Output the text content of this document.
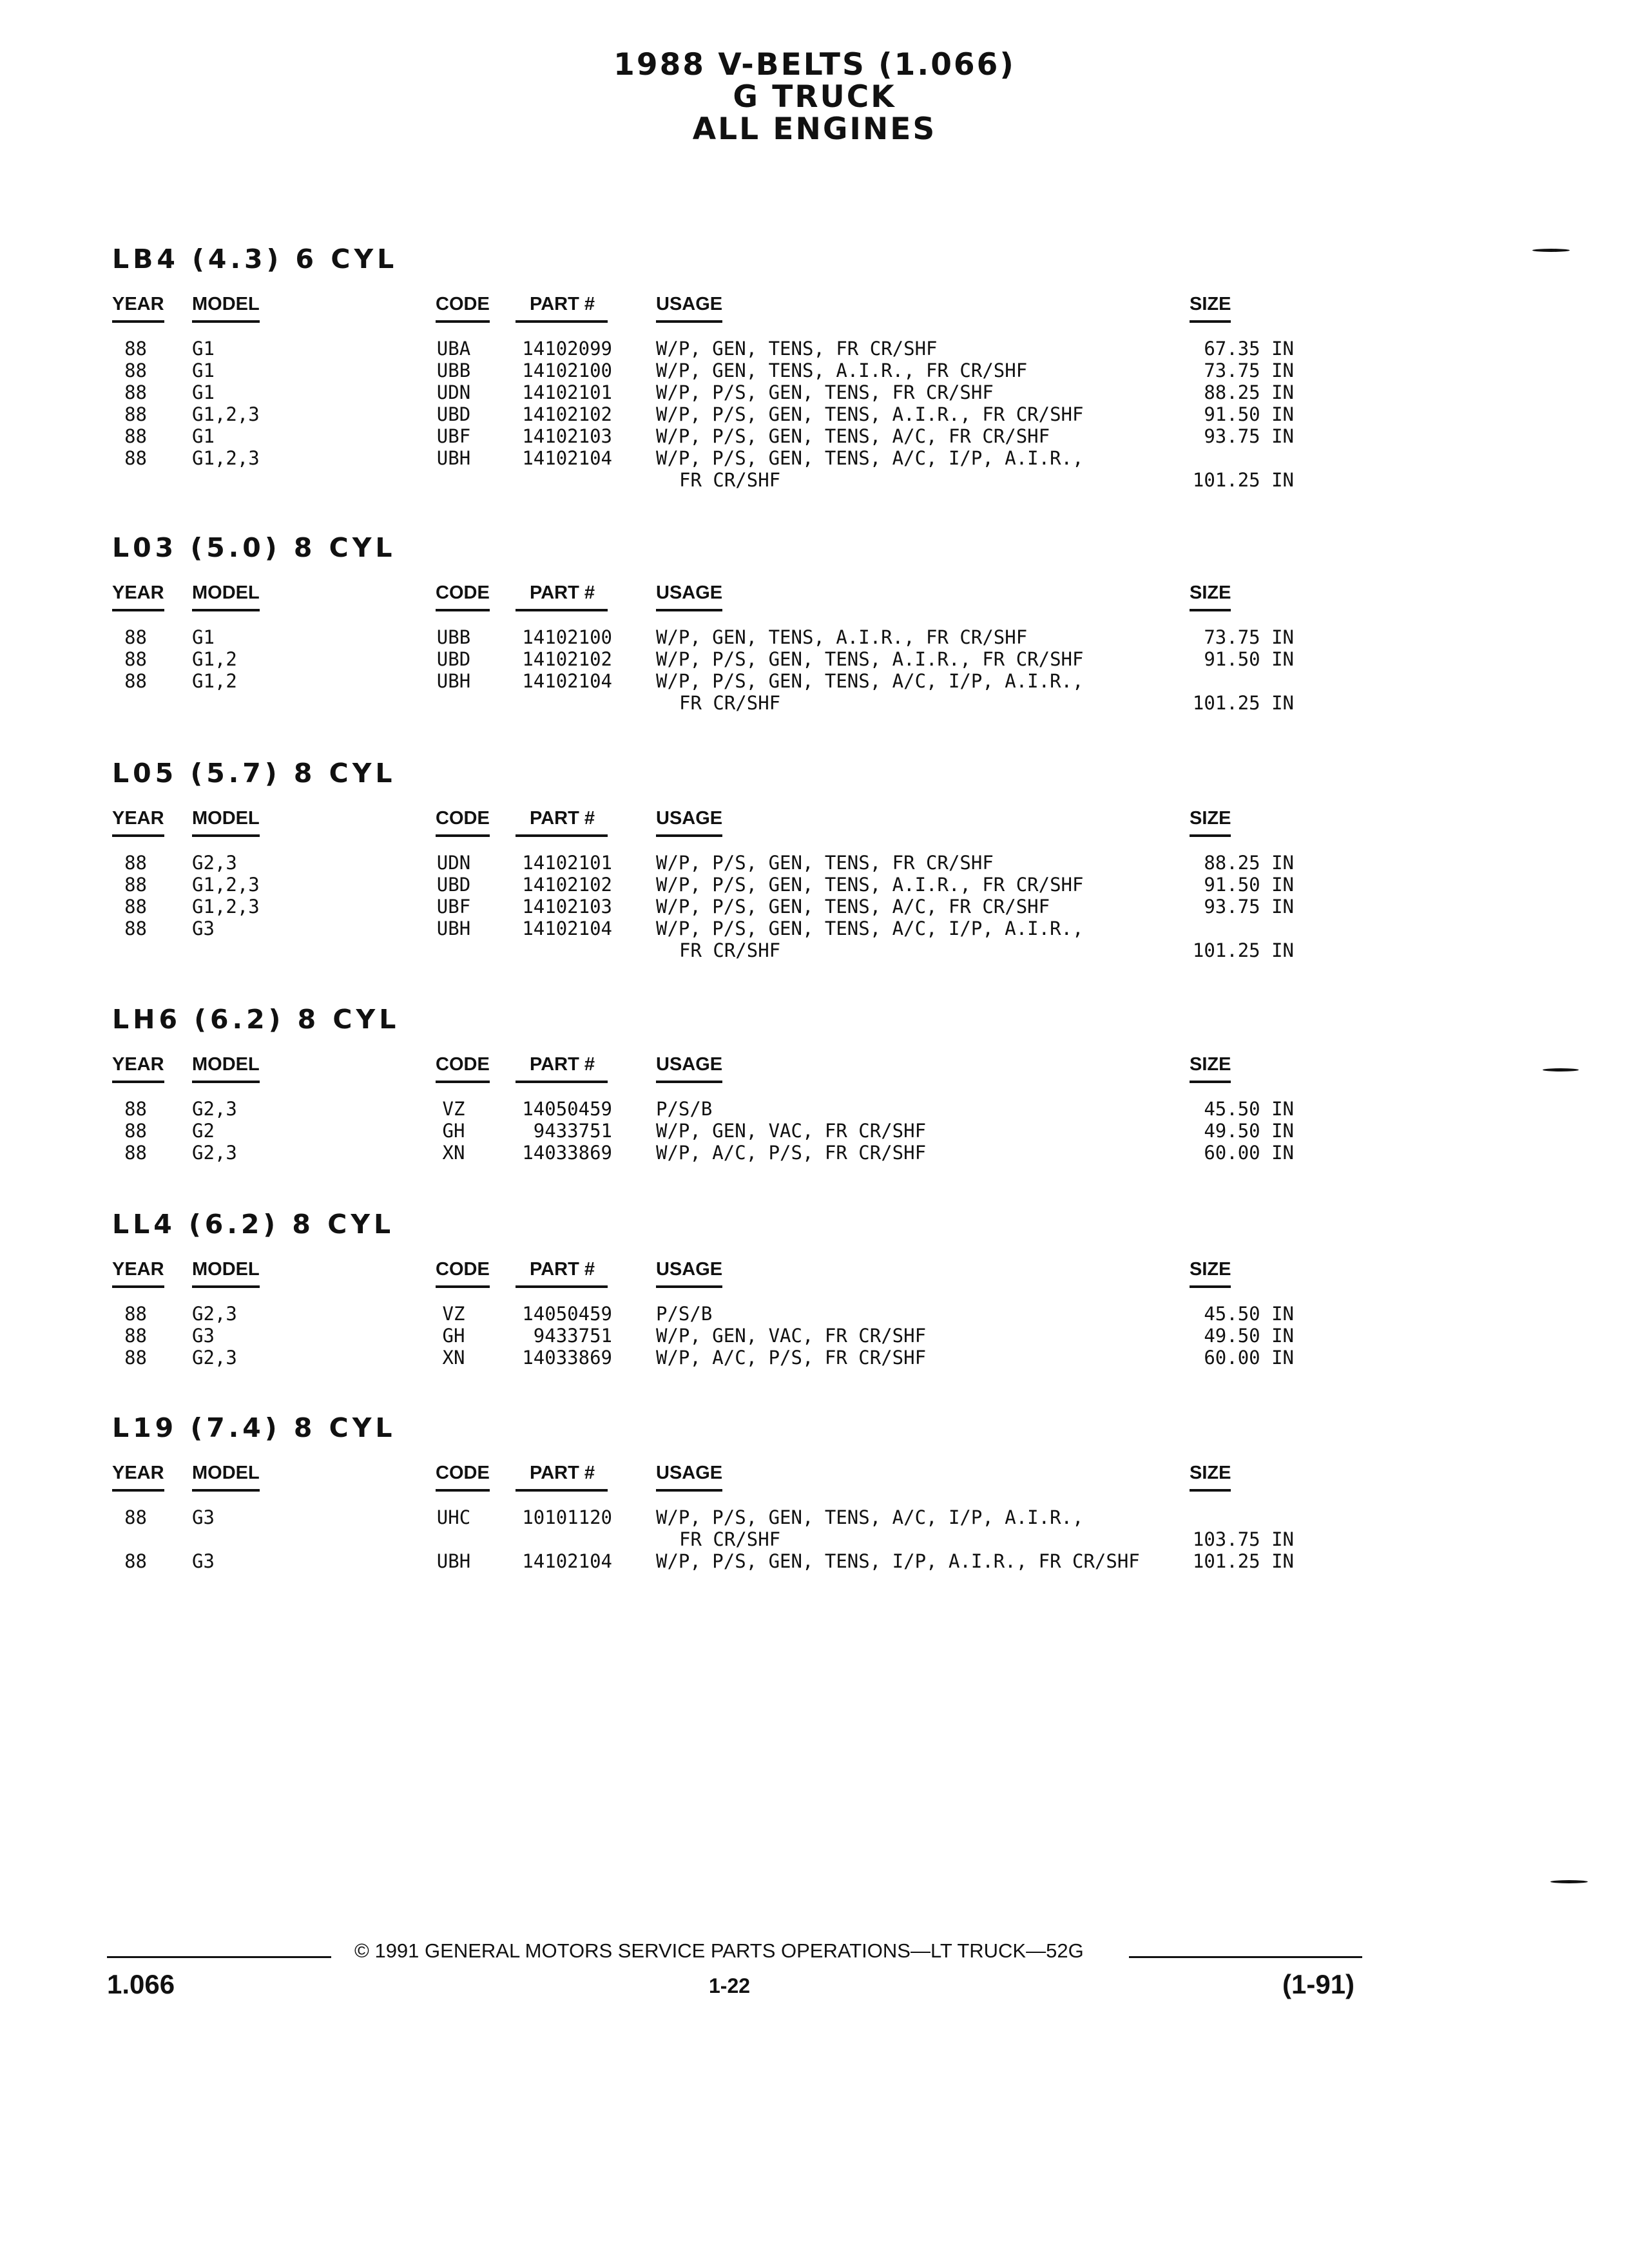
1988 V-BELTS (1.066)
G TRUCK
ALL ENGINES
LB4 (4.3) 6 CYL
YEAR MODEL	CODE	PART #	USAGE	SIZE
88 G1	UBA	14102099 W/P, GEN, TENS, FR CR/SHF	67.35 IN
88 G1	UBB	14102100 W/P, GEN, TENS, A.I.R., FR CR/SHF	73.75 IN
88 G1	UDN	14102101 W/P, P/S, GEN, TENS, FR CR/SHF	88.25 IN
88 G1,2,3	UBD	14102102 W/P, P/S, GEN, TENS, A.I.R., FR CR/SHF	91.50 IN
88 G1	UBF	14102103 W/P, P/S, GEN, TENS, A/C, FR CR/SHF	93.75 IN
88 G1,2,3	UBH	14102104 W/P, P/S, GEN, TENS, A/C, I/P, A.I.R.,
FR CR/SHF	101.25 IN
L03 (5.0) 8 CYL
YEAR MODEL	CODE	PART #	USAGE	SIZE
88 G1	UBB	14102100 W/P, GEN, TENS, A.I.R., FR CR/SHF	73.75 IN
88 G1,2	UBD	14102102 W/P, P/S, GEN, TENS, A.I.R., FR CR/SHF	91.50 IN
88 G1,2	UBH	14102104 W/P, P/S, GEN, TENS, A/C, I/P, A.I.R.,
FR CR/SHF	101.25 IN
L05 (5.7) 8 CYL
YEAR MODEL	CODE	PART #	USAGE	SIZE
88 G2,3	UDN	14102101 W/P, P/S, GEN, TENS, FR CR/SHF	88.25 IN
88 G1,2,3	UBD	14102102 W/P, P/S, GEN, TENS, A.I.R., FR CR/SHF	91.50 IN
88 G1,2,3	UBF	14102103 W/P, P/S, GEN, TENS, A/C, FR CR/SHF	93.75 IN
88 G3	UBH	14102104 W/P, P/S, GEN, TENS, A/C, I/P, A.I.R.,
FR CR/SHF	101.25 IN
LH6 (6.2) 8 CYL
YEAR MODEL	CODE	PART #	USAGE	SIZE
88 G2,3	VZ	14050459 P/S/B	45.50 IN
88 G2	GH	9433751 W/P, GEN, VAC, FR CR/SHF	49.50 IN
88 G2,3	XN	14033869 W/P, A/C, P/S, FR CR/SHF	60.00 IN
LL4 (6.2) 8 CYL
YEAR MODEL	CODE	PART #	USAGE	SIZE
88 G2,3	VZ	14050459 P/S/B	45.50 IN
88 G3	GH	9433751 W/P, GEN, VAC, FR CR/SHF	49.50 IN
88 G2,3	XN	14033869 W/P, A/C, P/S, FR CR/SHF	60.00 IN
L19 (7.4) 8 CYL
YEAR MODEL	CODE	PART #	USAGE	SIZE
88 G3	UHC	10101120 W/P, P/S, GEN, TENS, A/C, I/P, A.I.R.,
FR CR/SHF	103.75 IN
88 G3	UBH	14102104 W/P, P/S, GEN, TENS, I/P, A.I.R., FR CR/SHF	101.25 IN
© 1991 GENERAL MOTORS SERVICE PARTS OPERATIONS—LT TRUCK—52G
1.066	1-22	(1-91)
